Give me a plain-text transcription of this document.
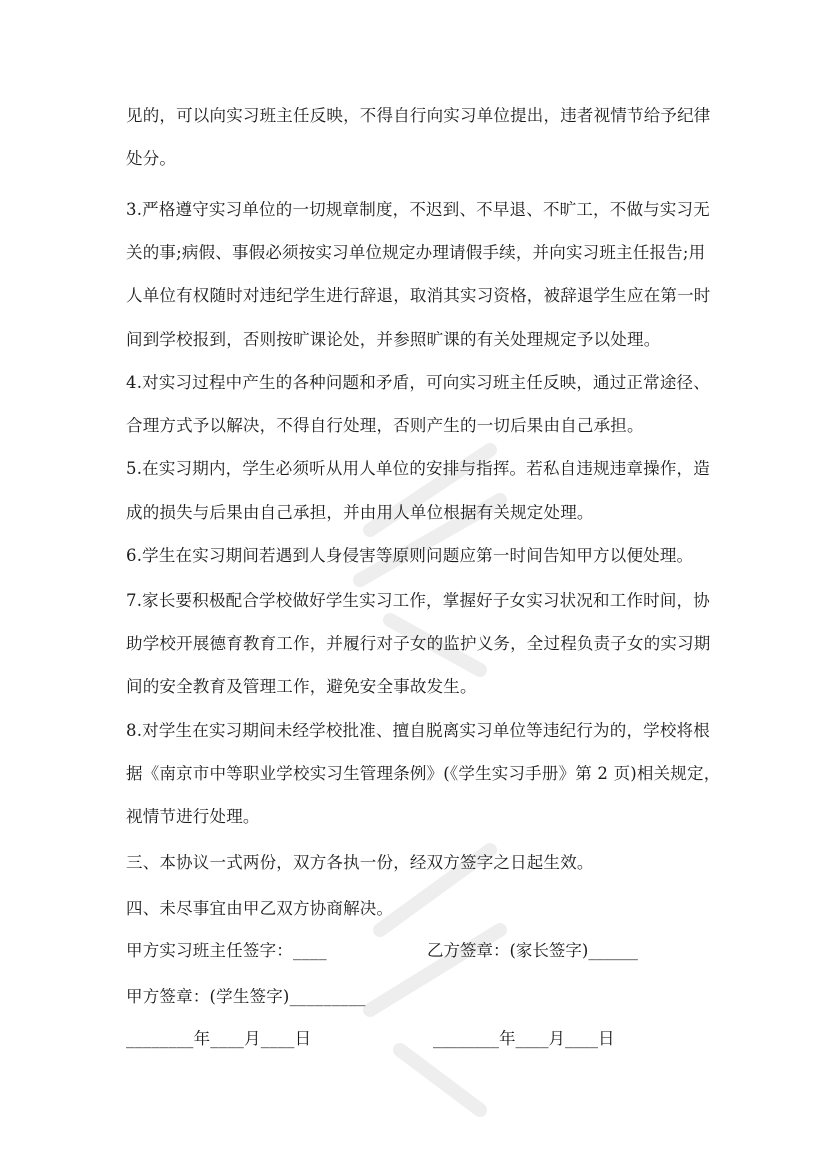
见的，可以向实习班主任反映，不得自行向实习单位提出，违者视情节给予纪律
处分。
3.严格遵守实习单位的一切规章制度，不迟到、不早退、不旷工，不做与实习无
关的事;病假、事假必须按实习单位规定办理请假手续，并向实习班主任报告;用
人单位有权随时对违纪学生进行辞退，取消其实习资格，被辞退学生应在第一时
间到学校报到，否则按旷课论处，并参照旷课的有关处理规定予以处理。
4.对实习过程中产生的各种问题和矛盾，可向实习班主任反映，通过正常途径、
合理方式予以解决，不得自行处理，否则产生的一切后果由自己承担。
5.在实习期内，学生必须听从用人单位的安排与指挥。若私自违规违章操作，造
成的损失与后果由自己承担，并由用人单位根据有关规定处理。
6.学生在实习期间若遇到人身侵害等原则问题应第一时间告知甲方以便处理。
7.家长要积极配合学校做好学生实习工作，掌握好子女实习状况和工作时间，协
助学校开展德育教育工作，并履行对子女的监护义务，全过程负责子女的实习期
间的安全教育及管理工作，避免安全事故发生。
8.对学生在实习期间未经学校批准、擅自脱离实习单位等违纪行为的，学校将根
据《南京市中等职业学校实习生管理条例》(《学生实习手册》第 2 页)相关规定，
视情节进行处理。
三、本协议一式两份，双方各执一份，经双方签字之日起生效。
四、未尽事宜由甲乙双方协商解决。
甲方实习班主任签字：____	乙方签章：(家长签字)______
甲方签章：(学生签字)_________
________年____月____日	________年____月____日
